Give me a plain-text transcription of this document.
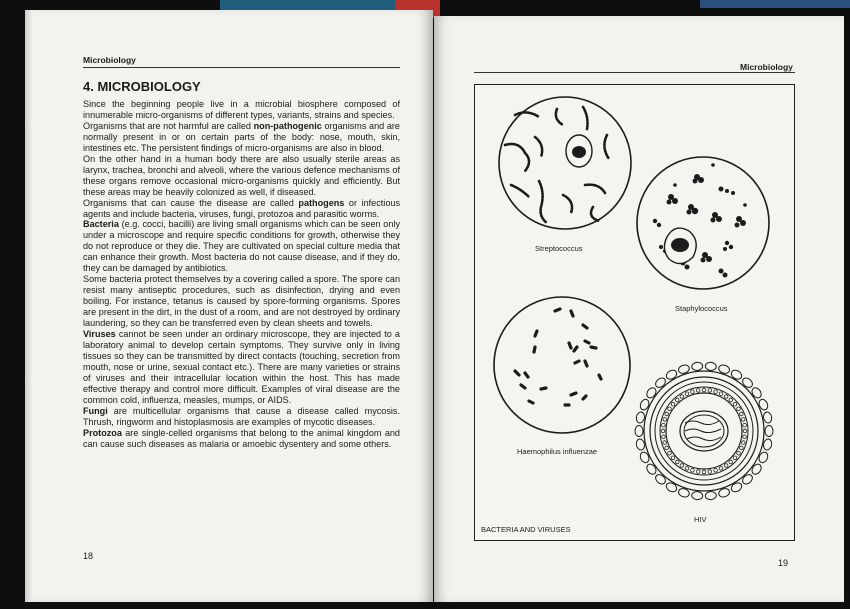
Microbiology
4. MICROBIOLOGY

Since the beginning people live in a microbial biosphere composed of innumerable micro-organisms of different types, variants, strains and species.

Organisms that are not harmful are called non-pathogenic organisms and are normally present in or on certain parts of the body: nose, mouth, skin, intestines etc. The persistent findings of micro-organisms are also in blood.

On the other hand in a human body there are also usually sterile areas as larynx, trachea, bronchi and alveoli, where the various defence mechanisms of these organs remove occasional micro-organisms quickly and efficiently. But these areas may be heavily colonized as well, if diseased.

Organisms that can cause the disease are called pathogens or infectious agents and include bacteria, viruses, fungi, protozoa and parasitic worms.

Bacteria (e.g. cocci, bacilli) are living small organisms which can be seen only under a microscope and require specific conditions for growth, otherwise they do not reproduce or they die. They are cultivated on special culture media that can enhance their growth. Most bacteria do not cause disease, and if they do, they can be damaged by antibiotics.

Some bacteria protect themselves by a covering called a spore. The spore can resist many antiseptic procedures, such as disinfection, drying and even boiling. For instance, tetanus is caused by spore-forming organisms. Spores are present in the dirt, in the dust of a room, and are not destroyed by ordinary laundering, so they can be transferred even by clean sheets and towels.

Viruses cannot be seen under an ordinary microscope, they are injected to a laboratory animal to develop certain symptoms. They survive only in living tissues so they can be transmitted by direct contacts (touching, secretion from mouth, nose or urine, sexual contact etc.). There are many varieties or strains of viruses and their intracellular location within the host. This has made effective therapy and control more difficult. Examples of viral disease are the common cold, influenza, measles, mumps, or AIDS.

Fungi are multicellular organisms that cause a disease called mycosis. Thrush, ringworm and histoplasmosis are examples of mycotic diseases.

Protozoa are single-celled organisms that belong to the animal kingdom and can cause such diseases as malaria or amoebic dysentery and some others.

18
Microbiology
Streptococcus
Staphylococcus
Haemophilus influenzae
HIV
BACTERIA AND VIRUSES
19
